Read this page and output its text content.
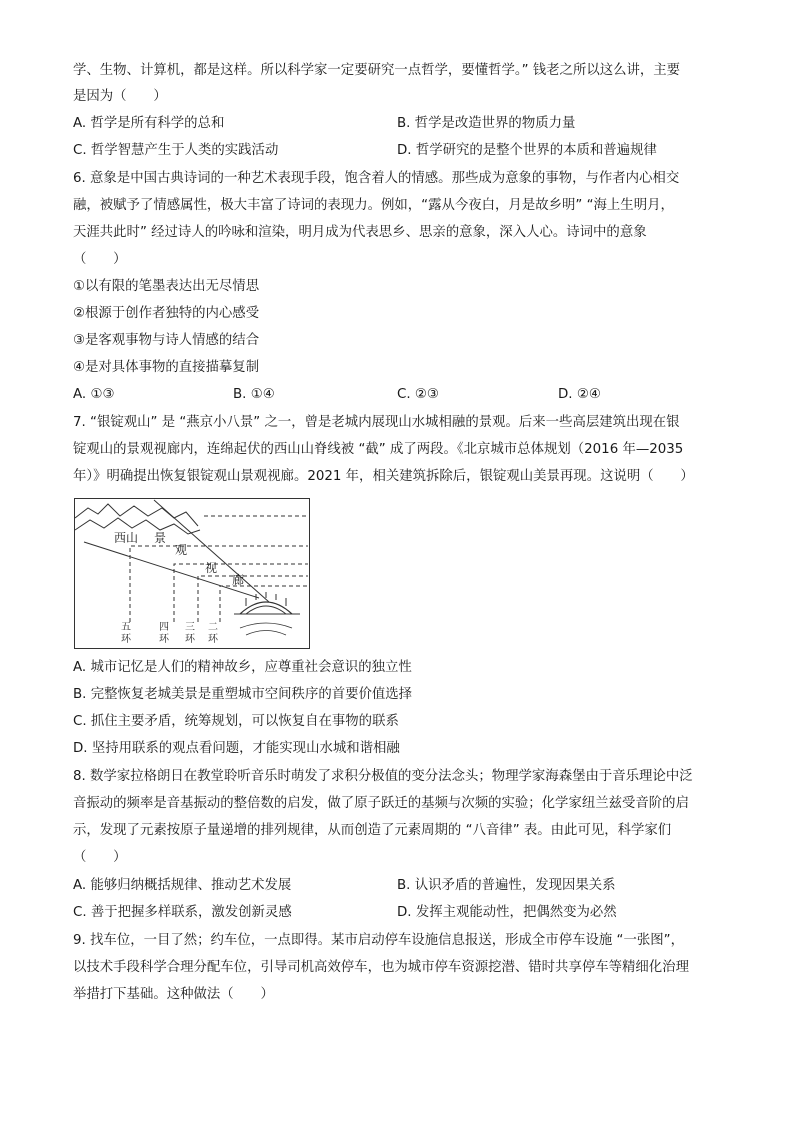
学、生物、计算机，都是这样。所以科学家一定要研究一点哲学，要懂哲学。” 钱老之所以这么讲，主要
是因为（　　）
A. 哲学是所有科学的总和	B. 哲学是改造世界的物质力量
C. 哲学智慧产生于人类的实践活动	D. 哲学研究的是整个世界的本质和普遍规律
6. 意象是中国古典诗词的一种艺术表现手段，饱含着人的情感。那些成为意象的事物，与作者内心相交
融，被赋予了情感属性，极大丰富了诗词的表现力。例如，“露从今夜白，月是故乡明” “海上生明月，
天涯共此时” 经过诗人的吟咏和渲染，明月成为代表思乡、思亲的意象，深入人心。诗词中的意象
（　　）
①以有限的笔墨表达出无尽情思
②根源于创作者独特的内心感受
③是客观事物与诗人情感的结合
④是对具体事物的直接描摹复制
A. ①③	B. ①④	C. ②③	D. ②④
7. “银锭观山” 是 “燕京小八景” 之一，曾是老城内展现山水城相融的景观。后来一些高层建筑出现在银
锭观山的景观视廊内，连绵起伏的西山山脊线被 “截” 成了两段。《北京城市总体规划（2016 年—2035
年）》明确提出恢复银锭观山景观视廊。2021 年，相关建筑拆除后，银锭观山美景再现。这说明（　　）
西山 景
观
视
廊
五环
四环
三环
二环
A. 城市记忆是人们的精神故乡，应尊重社会意识的独立性
B. 完整恢复老城美景是重塑城市空间秩序的首要价值选择
C. 抓住主要矛盾，统筹规划，可以恢复自在事物的联系
D. 坚持用联系的观点看问题，才能实现山水城和谐相融
8. 数学家拉格朗日在教堂聆听音乐时萌发了求积分极值的变分法念头；物理学家海森堡由于音乐理论中泛
音振动的频率是音基振动的整倍数的启发，做了原子跃迁的基频与次频的实验；化学家纽兰兹受音阶的启
示，发现了元素按原子量递增的排列规律，从而创造了元素周期的 “八音律” 表。由此可见，科学家们
（　　）
A. 能够归纳概括规律、推动艺术发展	B. 认识矛盾的普遍性，发现因果关系
C. 善于把握多样联系，激发创新灵感	D. 发挥主观能动性，把偶然变为必然
9. 找车位，一目了然；约车位，一点即得。某市启动停车设施信息报送，形成全市停车设施 “一张图”，
以技术手段科学合理分配车位，引导司机高效停车，也为城市停车资源挖潜、错时共享停车等精细化治理
举措打下基础。这种做法（　　）
